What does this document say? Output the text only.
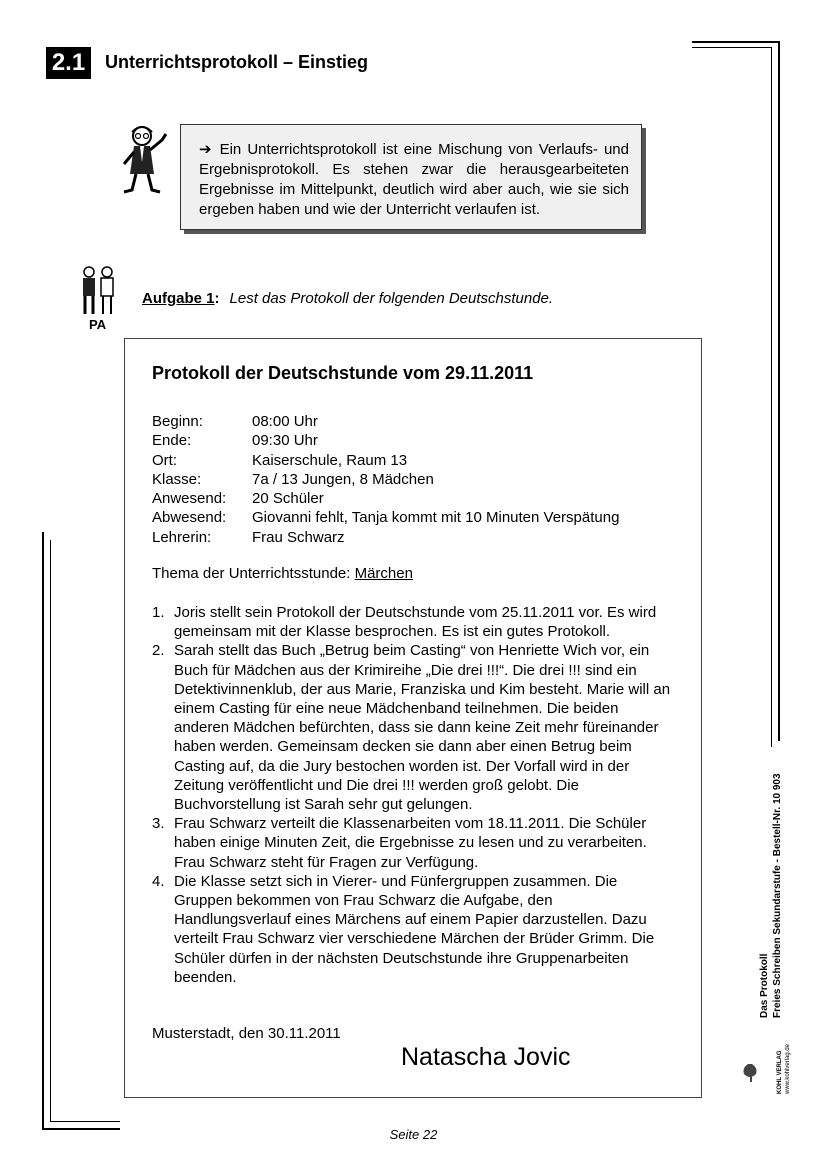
2.1	Unterrichtsprotokoll – Einstieg
➔ Ein Unterrichtsprotokoll ist eine Mischung von Verlaufs- und Ergebnisprotokoll. Es stehen zwar die herausgearbeiteten Ergebnisse im Mittelpunkt, deutlich wird aber auch, wie sie sich ergeben haben und wie der Unterricht verlaufen ist.
PA
Aufgabe 1: Lest das Protokoll der folgenden Deutschstunde.
Protokoll der Deutschstunde vom 29.11.2011
Beginn:	08:00 Uhr
Ende:	09:30 Uhr
Ort:	Kaiserschule, Raum 13
Klasse:	7a / 13 Jungen, 8 Mädchen
Anwesend:	20 Schüler
Abwesend:	Giovanni fehlt, Tanja kommt mit 10 Minuten Verspätung
Lehrerin:	Frau Schwarz
Thema der Unterrichtsstunde: Märchen
1. Joris stellt sein Protokoll der Deutschstunde vom 25.11.2011 vor. Es wird gemeinsam mit der Klasse besprochen. Es ist ein gutes Protokoll.
2. Sarah stellt das Buch „Betrug beim Casting“ von Henriette Wich vor, ein Buch für Mädchen aus der Krimireihe „Die drei !!!“. Die drei !!! sind ein Detektivinnenklub, der aus Marie, Franziska und Kim besteht. Marie will an einem Casting für eine neue Mädchenband teilnehmen. Die beiden anderen Mädchen befürchten, dass sie dann keine Zeit mehr füreinander haben werden. Gemeinsam decken sie dann aber einen Betrug beim Casting auf, da die Jury bestochen worden ist. Der Vorfall wird in der Zeitung veröffentlicht und Die drei !!! werden groß gelobt. Die Buchvorstellung ist Sarah sehr gut gelungen.
3. Frau Schwarz verteilt die Klassenarbeiten vom 18.11.2011. Die Schüler haben einige Minuten Zeit, die Ergebnisse zu lesen und zu verarbeiten. Frau Schwarz steht für Fragen zur Verfügung.
4. Die Klasse setzt sich in Vierer- und Fünfergruppen zusammen. Die Gruppen bekommen von Frau Schwarz die Aufgabe, den Handlungsverlauf eines Märchens auf einem Papier darzustellen. Dazu verteilt Frau Schwarz vier verschiedene Märchen der Brüder Grimm. Die Schüler dürfen in der nächsten Deutschstunde ihre Gruppenarbeiten beenden.
Musterstadt, den 30.11.2011
Natascha Jovic
Das Protokoll Freies Schreiben Sekundarstufe - Bestell-Nr. 10 903
KOHL VERLAG www.kohlverlag.de
Seite 22
